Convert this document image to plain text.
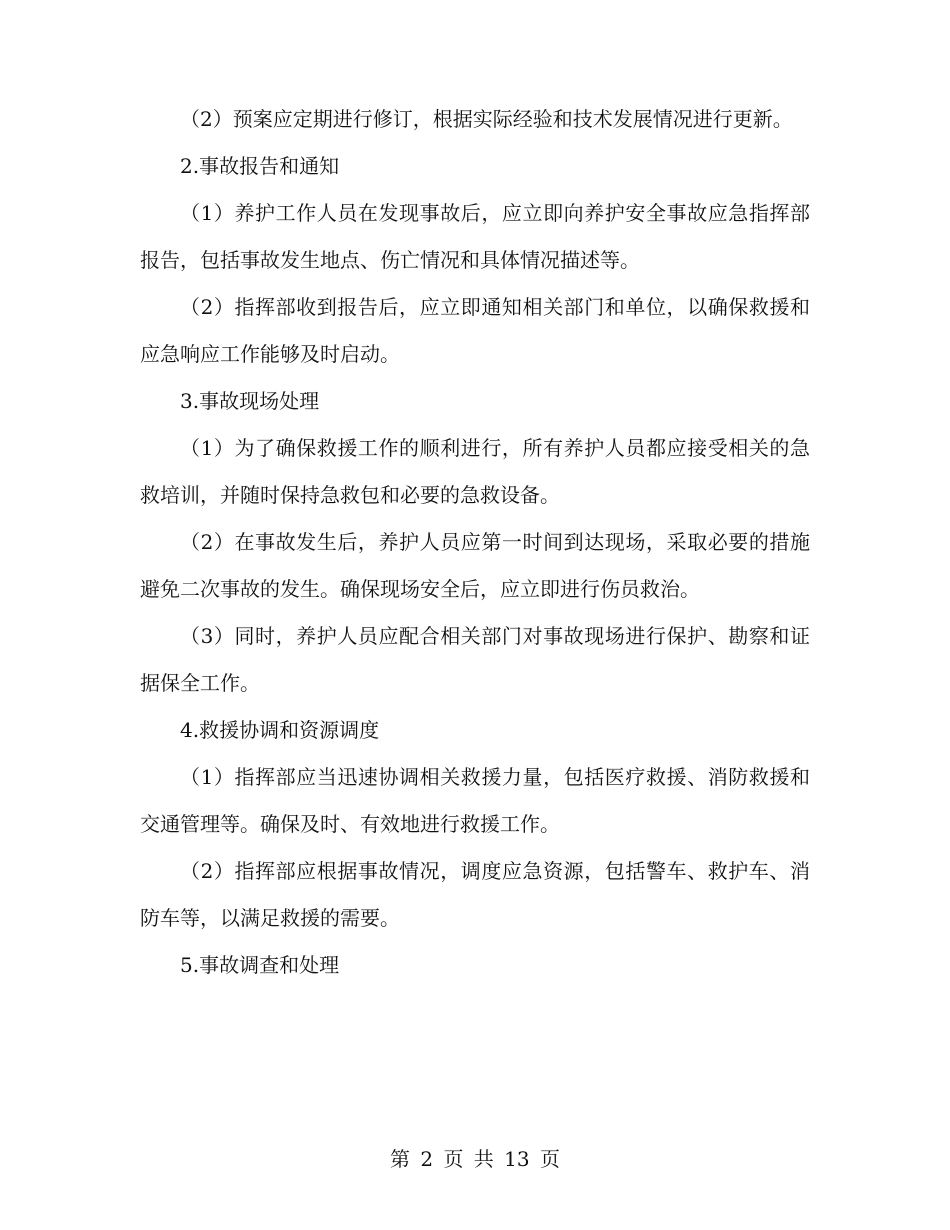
（2）预案应定期进行修订，根据实际经验和技术发展情况进行更新。

2.事故报告和通知

（1）养护工作人员在发现事故后，应立即向养护安全事故应急指挥部报告，包括事故发生地点、伤亡情况和具体情况描述等。

（2）指挥部收到报告后，应立即通知相关部门和单位，以确保救援和应急响应工作能够及时启动。

3.事故现场处理

（1）为了确保救援工作的顺利进行，所有养护人员都应接受相关的急救培训，并随时保持急救包和必要的急救设备。

（2）在事故发生后，养护人员应第一时间到达现场，采取必要的措施避免二次事故的发生。确保现场安全后，应立即进行伤员救治。

（3）同时，养护人员应配合相关部门对事故现场进行保护、勘察和证据保全工作。

4.救援协调和资源调度

（1）指挥部应当迅速协调相关救援力量，包括医疗救援、消防救援和交通管理等。确保及时、有效地进行救援工作。

（2）指挥部应根据事故情况，调度应急资源，包括警车、救护车、消防车等，以满足救援的需要。

5.事故调查和处理

第 2 页 共 13 页
